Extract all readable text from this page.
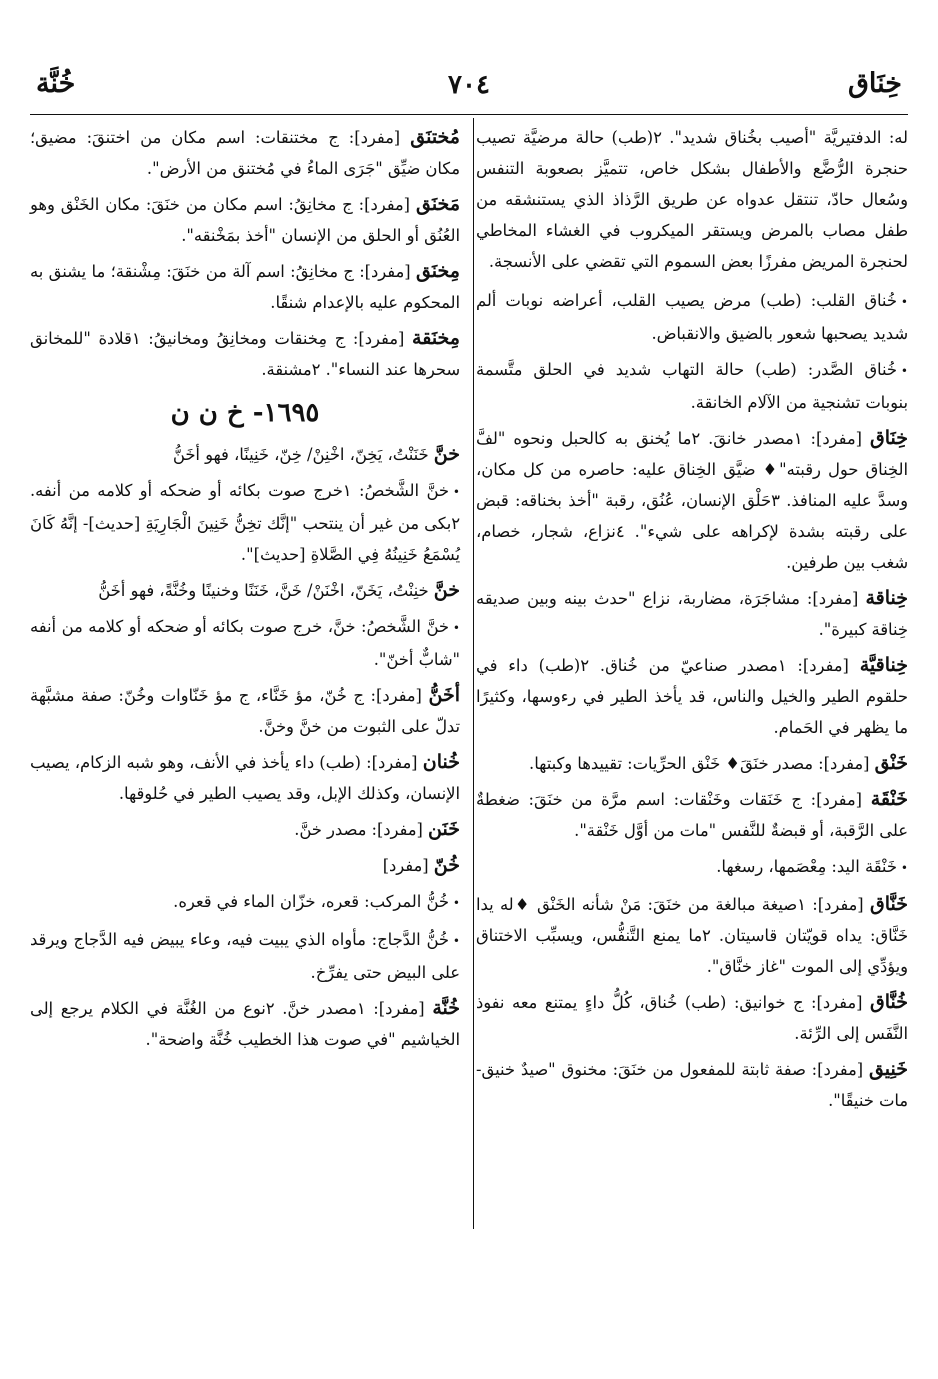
خِنَاق
٧٠٤
خُنَّة

له: الدفتيريَّة "أصيب بخُناق شديد". ٢(طب) حالة مرضيَّة تصيب حنجرة الرُّضَّع والأطفال بشكل خاص، تتميَّز بصعوبة التنفس وسُعال حادّ، تنتقل عدواه عن طريق الرَّذاذ الذي يستنشقه من طفل مصاب بالمرض ويستقر الميكروب في الغشاء المخاطي لحنجرة المريض مفرزًا بعض السموم التي تقضي على الأنسجة.

•خُناق القلب: (طب) مرض يصيب القلب، أعراضه نوبات ألم شديد يصحبها شعور بالضيق والانقباض.

•خُناق الصَّدر: (طب) حالة التهاب شديد في الحلق متَّسمة بنوبات تشنجية من الآلام الخانقة.

خِنَاق [مفرد]: ١مصدر خانقَ. ٢ما يُخنق به كالحبل ونحوه "لفَّ الخِناق حول رقبته"♦ ضيَّق الخِناق عليه: حاصره من كل مكان، وسدَّ عليه المنافذ. ٣حَلْق الإنسان، عُنُق، رقبة "أخذ بخناقه: قبض على رقبته بشدة لإكراهه على شيء". ٤نزاع، شجار، خصام، شغب بين طرفين.

خِناقة [مفرد]: مشاجَرَة، مضاربة، نزاع "حدث بينه وبين صديقه خِناقة كبيرة".

خِناقيَّة [مفرد]: ١مصدر صناعيّ من خُناق. ٢(طب) داء في حلقوم الطير والخيل والناس، قد يأخذ الطير في رءوسها، وكثيرًا ما يظهر في الحَمام.

خَنْق [مفرد]: مصدر خنَقَ♦ خَنْق الحرِّيات: تقييدها وكبتها.

خَنْقَة [مفرد]: ج خَنَقات وخَنْقات: اسم مرَّة من خنَقَ: ضغطةٌ على الرَّقبة، أو قبضةٌ للنَّفس "مات من أوَّل خَنْقة".

•خَنْقَة اليد: مِعْصَمها، رسغها.

خَنَّاق [مفرد]: ١صيغة مبالغة من خنَقَ: مَنْ شأنه الخَنْق ♦له يدا خَنَّاق: يداه قويّتان قاسيتان. ٢ما يمنع التَّنفُّس، ويسبِّب الاختناق ويؤدِّي إلى الموت "غاز خنَّاق".

خُنَّاق [مفرد]: ج خوانيق: (طب) خُناق، كُلُّ داءٍ يمتنع معه نفوذ النَّفَس إلى الرِّئة.

خَنِيق [مفرد]: صفة ثابتة للمفعول من خنَقَ: مخنوق "صيدٌ خنيق- مات خنيقًا".

مُختنَق [مفرد]: ج مختنقات: اسم مكان من اختنقَ: مضيق؛ مكان ضيِّق "جَرَى الماءُ في مُختنق من الأرض".

مَخنَق [مفرد]: ج مخانِقُ: اسم مكان من خنَقَ: مكان الخَنْق وهو العُنُق أو الحلق من الإنسان "أخذ بمَخْنقه".

مِخنَق [مفرد]: ج مخانِقُ: اسم آلة من خنَقَ: مِشْنقة؛ ما يشنق به المحكوم عليه بالإعدام شنقًا.

مِخنَقة [مفرد]: ج مِخنقات ومخانِقُ ومخانيقُ: ١قلادة "للمخانق سحرها عند النساء". ٢مشنقة.

١٦٩٥- خ ن ن

خنَّ خَنَنْتُ، يَخِنّ، اخْنِنْ/ خِنّ، خَنِينًا، فهو أخَنُّ

•خنَّ الشَّخصُ: ١خرج صوت بكائه أو ضحكه أو كلامه من أنفه. ٢بكى من غير أن ينتحب "إنَّك تخِنُّ خَنِينَ الْجَارِيَةِ [حديث]- إنَّهُ كَانَ يُسْمَعُ خَنِينُهُ فِي الصَّلاةِ [حديث]".

خنَّ خنِنْتُ، يَخَنّ، اخْنَنْ/ خَنَّ، خَنَنًا وخنينًا وخُنَّةً، فهو أخَنُّ

•خنَّ الشَّخصُ: خنَّ، خرج صوت بكائه أو ضحكه أو كلامه من أنفه "شابٌّ أخنّ".

أخَنُّ [مفرد]: ج خُنّ، مؤ خَنَّاء، ج مؤ خَنّاوات وخُنّ: صفة مشبَّهة تدلّ على الثبوت من خنَّ وخنَّ.

خُنان [مفرد]: (طب) داء يأخذ في الأنف، وهو شبه الزكام، يصيب الإنسان، وكذلك الإبل، وقد يصيب الطير في حُلوقها.

خَنَن [مفرد]: مصدر خنَّ.

خُنّ [مفرد]

•خُنُّ المركب: قعره، خزّان الماء في قعره.

•خُنُّ الدَّجاج: مأواه الذي يبيت فيه، وعاء يبيض فيه الدَّجاج ويرقد على البيض حتى يفرِّخ.

خُنَّة [مفرد]: ١مصدر خنَّ. ٢نوع من الغُنَّة في الكلام يرجع إلى الخياشيم "في صوت هذا الخطيب خُنَّة واضحة".
